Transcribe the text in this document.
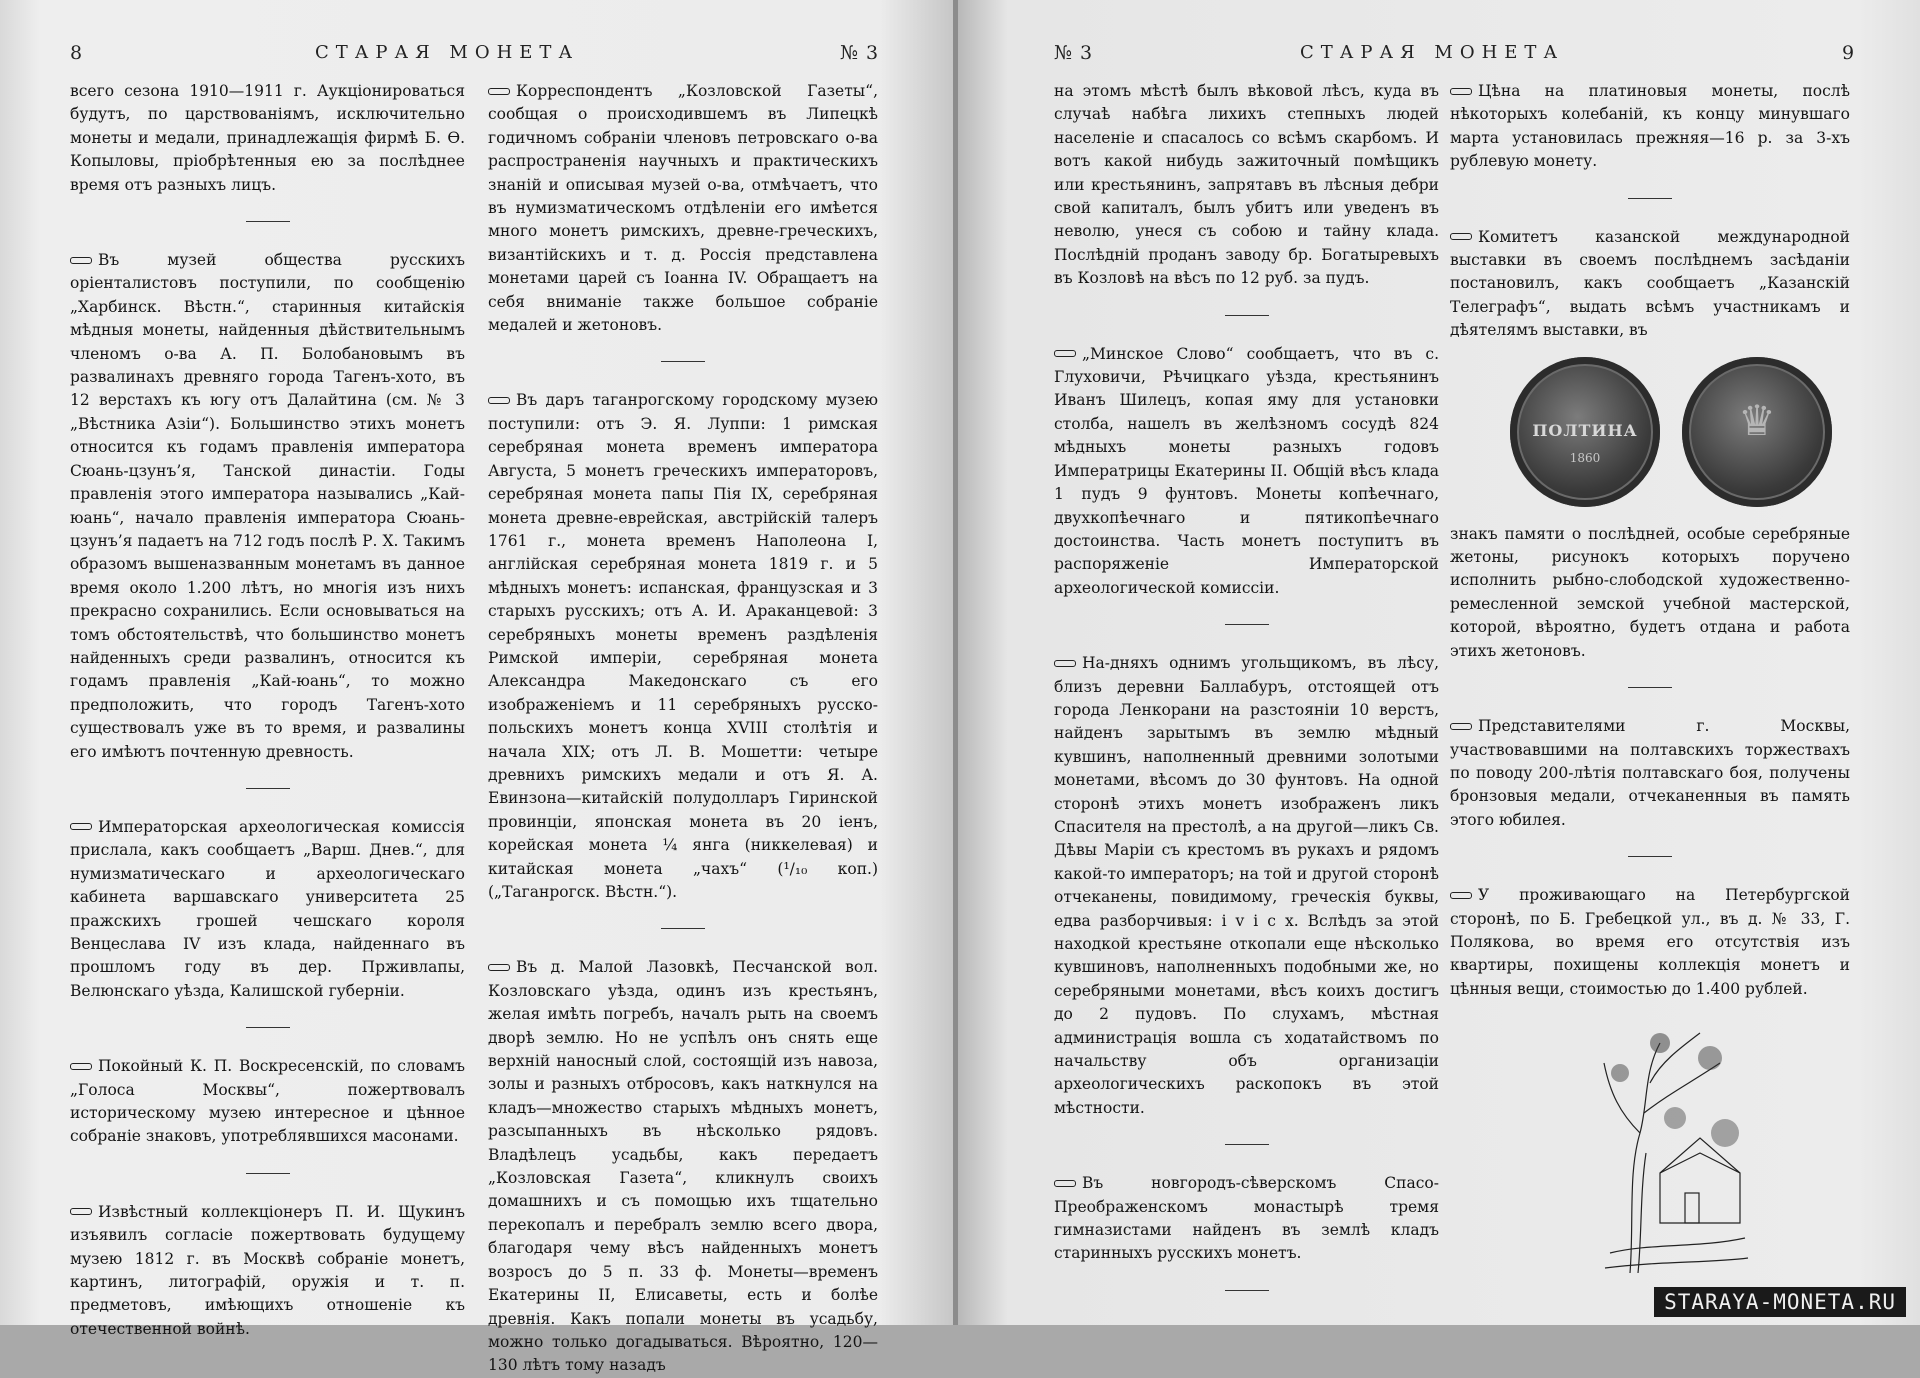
8	СТАРАЯ МОНЕТА	№ 3

всего сезона 1910—1911 г. Аукціонироваться будутъ, по царствованіямъ, исключительно монеты и медали, принадлежащія фирмѣ Б. Ѳ. Копыловы, пріобрѣтенныя ею за послѣднее время отъ разныхъ лицъ.

Въ музей общества русскихъ оріенталистовъ поступили, по сообщенію „Харбинск. Вѣстн.“, старинныя китайскія мѣдныя монеты, найденныя дѣйствительнымъ членомъ о-ва А. П. Болобановымъ въ развалинахъ древняго города Тагенъ-хото, въ 12 верстахъ къ югу отъ Далайтина (см. № 3 „Вѣстника Азіи“). Большинство этихъ монетъ относится къ годамъ правленія императора Сюань-цзунъ’я, Танской династіи. Годы правленія этого императора назывались „Кай-юань“, начало правленія императора Сюань-цзунъ’я падаетъ на 712 годъ послѣ Р. Х. Такимъ образомъ вышеназванным монетамъ въ данное время около 1.200 лѣтъ, но многія изъ нихъ прекрасно сохранились. Если основываться на томъ обстоятельствѣ, что большинство монетъ найденныхъ среди развалинъ, относится къ годамъ правленія „Кай-юань“, то можно предположить, что городъ Тагенъ-хото существовалъ уже въ то время, и развалины его имѣютъ почтенную древность.

Императорская археологическая комиссія прислала, какъ сообщаетъ „Варш. Днев.“, для нумизматическаго и археологическаго кабинета варшавскаго университета 25 пражскихъ грошей чешскаго короля Венцеслава IV изъ клада, найденнаго въ прошломъ году въ дер. Прживлапы, Велюнскаго уѣзда, Калишской губерніи.

Покойный К. П. Воскресенскій, по словамъ „Голоса Москвы“, пожертвовалъ историческому музею интересное и цѣнное собраніе знаковъ, употреблявшихся масонами.

Извѣстный коллекціонеръ П. И. Щукинъ изъявилъ согласіе пожертвовать будущему музею 1812 г. въ Москвѣ собраніе монетъ, картинъ, литографій, оружія и т. п. предметовъ, имѣющихъ отношеніе къ отечественной войнѣ.

Корреспондентъ „Козловской Газеты“, сообщая о происходившемъ въ Липецкѣ годичномъ собраніи членовъ петровскаго о-ва распространенія научныхъ и практическихъ знаній и описывая музей о-ва, отмѣчаетъ, что въ нумизматическомъ отдѣленіи его имѣется много монетъ римскихъ, древне-греческихъ, византійскихъ и т. д. Россія представлена монетами царей съ Іоанна IV. Обращаетъ на себя вниманіе также большое собраніе медалей и жетоновъ.

Въ даръ таганрогскому городскому музею поступили: отъ Э. Я. Луппи: 1 римская серебряная монета временъ императора Августа, 5 монетъ греческихъ императоровъ, серебряная монета папы Пія IX, серебряная монета древне-еврейская, австрійскій талеръ 1761 г., монета временъ Наполеона I, англійская серебряная монета 1819 г. и 5 мѣдныхъ монетъ: испанская, французская и 3 старыхъ русскихъ; отъ А. И. Араканцевой: 3 серебряныхъ монеты временъ раздѣленія Римской имперіи, серебряная монета Александра Македонскаго съ его изображеніемъ и 11 серебряныхъ русско-польскихъ монетъ конца XVIII столѣтія и начала XIX; отъ Л. В. Мошетти: четыре древнихъ римскихъ медали и отъ Я. А. Евинзона—китайскій полудолларъ Гиринской провинціи, японская монета въ 20 іенъ, корейская монета ¼ янга (никкелевая) и китайская монета „чахъ“ (¹/₁₀ коп.) („Таганрогск. Вѣстн.“).

Въ д. Малой Лазовкѣ, Песчанской вол. Козловскаго уѣзда, одинъ изъ крестьянъ, желая имѣть погребъ, началъ рыть на своемъ дворѣ землю. Но не успѣлъ онъ снять еще верхній наносный слой, состоящій изъ навоза, золы и разныхъ отбросовъ, какъ наткнулся на кладъ—множество старыхъ мѣдныхъ монетъ, разсыпанныхъ въ нѣсколько рядовъ. Владѣлецъ усадьбы, какъ передаетъ „Козловская Газета“, кликнулъ своихъ домашнихъ и съ помощью ихъ тщательно перекопалъ и перебралъ землю всего двора, благодаря чему вѣсъ найденныхъ монетъ возросъ до 5 п. 33 ф. Монеты—временъ Екатерины II, Елисаветы, есть и болѣе древнія. Какъ попали монеты въ усадьбу, можно только догадываться. Вѣроятно, 120—130 лѣтъ тому назадъ

№ 3	СТАРАЯ МОНЕТА	9

на этомъ мѣстѣ былъ вѣковой лѣсъ, куда въ случаѣ набѣга лихихъ степныхъ людей населеніе и спасалось со всѣмъ скарбомъ. И вотъ какой нибудь зажиточный помѣщикъ или крестьянинъ, запрятавъ въ лѣсныя дебри свой капиталъ, былъ убитъ или уведенъ въ неволю, унеся съ собою и тайну клада. Послѣдній проданъ заводу бр. Богатыревыхъ въ Козловѣ на вѣсъ по 12 руб. за пудъ.

„Минское Слово“ сообщаетъ, что въ с. Глуховичи, Рѣчицкаго уѣзда, крестьянинъ Иванъ Шилецъ, копая яму для установки столба, нашелъ въ желѣзномъ сосудѣ 824 мѣдныхъ монеты разныхъ годовъ Императрицы Екатерины II. Общій вѣсъ клада 1 пудъ 9 фунтовъ. Монеты копѣечнаго, двухкопѣечнаго и пятикопѣечнаго достоинства. Часть монетъ поступитъ въ распоряженіе Императорской археологической комиссіи.

На-дняхъ однимъ угольщикомъ, въ лѣсу, близъ деревни Баллабуръ, отстоящей отъ города Ленкорани на разстояніи 10 верстъ, найденъ зарытымъ въ землю мѣдный кувшинъ, наполненный древними золотыми монетами, вѣсомъ до 30 фунтовъ. На одной сторонѣ этихъ монетъ изображенъ ликъ Спасителя на престолѣ, а на другой—ликъ Св. Дѣвы Маріи съ крестомъ въ рукахъ и рядомъ какой-то императоръ; на той и другой сторонѣ отчеканены, повидимому, греческія буквы, едва разборчивыя: і v і с х. Вслѣдъ за этой находкой крестьяне откопали еще нѣсколько кувшиновъ, наполненныхъ подобными же, но серебряными монетами, вѣсъ коихъ достигъ до 2 пудовъ. По слухамъ, мѣстная администрація вошла съ ходатайствомъ по начальству объ организаціи археологическихъ раскопокъ въ этой мѣстности.

Въ новгородъ-сѣверскомъ Спасо-Преображенскомъ монастырѣ тремя гимназистами найденъ въ землѣ кладъ старинныхъ русскихъ монетъ.

Цѣна на платиновыя монеты, послѣ нѣкоторыхъ колебаній, къ концу минувшаго марта установилась прежняя—16 р. за 3-хъ рублевую монету.

Комитетъ казанской международной выставки въ своемъ послѣднемъ засѣданіи постановилъ, какъ сообщаетъ „Казанскій Телеграфъ“, выдать всѣмъ участникамъ и дѣятелямъ выставки, въ

ПОЛТИНА
1860
♛

знакъ памяти о послѣдней, особые серебряные жетоны, рисунокъ которыхъ поручено исполнить рыбно-слободской художественно-ремесленной земской учебной мастерской, которой, вѣроятно, будетъ отдана и работа этихъ жетоновъ.

Представителями г. Москвы, участвовавшими на полтавскихъ торжествахъ по поводу 200-лѣтія полтавскаго боя, получены бронзовыя медали, отчеканенныя въ память этого юбилея.

У проживающаго на Петербургской сторонѣ, по Б. Гребецкой ул., въ д. № 33, Г. Полякова, во время его отсутствія изъ квартиры, похищены коллекція монетъ и цѣнныя вещи, стоимостью до 1.400 рублей.

STARAYA-MONETA.RU
